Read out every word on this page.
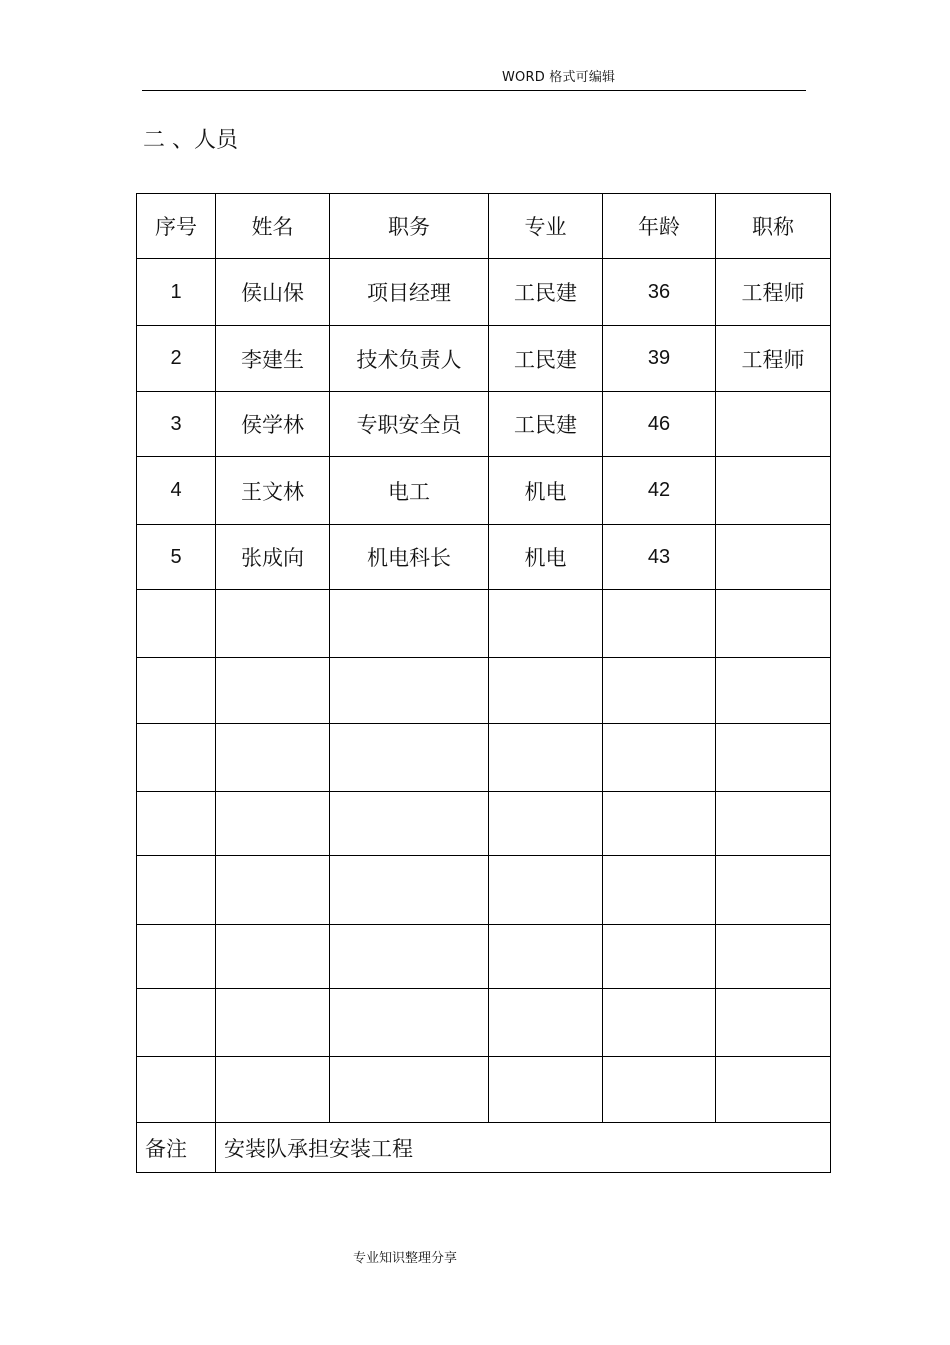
WORD 格式可编辑
二 、人员
序号	姓名	职务	专业	年龄	职称
1	侯山保	项目经理	工民建	36	工程师
2	李建生	技术负责人	工民建	39	工程师
3	侯学林	专职安全员	工民建	46	
4	王文林	电工	机电	42	
5	张成向	机电科长	机电	43	

备注	安装队承担安装工程				
专业知识整理分享
